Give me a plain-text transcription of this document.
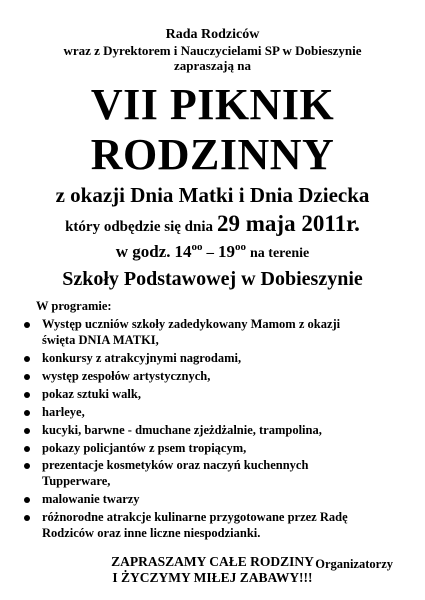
Rada Rodziców
wraz z Dyrektorem i Nauczycielami SP w Dobieszynie
zapraszają na
VII PIKNIK
RODZINNY
z okazji Dnia Matki i Dnia Dziecka
który odbędzie się dnia 29 maja 2011r.
w godz. $14^{oo} - 19^{oo}$ na terenie
Szkoły Podstawowej w Dobieszynie
W programie:
Występ uczniów szkoły zadedykowany Mamom z okazji święta DNIA MATKI,
konkursy z atrakcyjnymi nagrodami,
występ zespołów artystycznych,
pokaz sztuki walk,
harleye,
kucyki, barwne - dmuchane zjeżdżalnie, trampolina,
pokazy policjantów z psem tropiącym,
prezentacje kosmetyków oraz naczyń kuchennych Tupperware,
malowanie twarzy
różnorodne atrakcje kulinarne przygotowane przez Radę Rodziców oraz inne liczne niespodzianki.
ZAPRASZAMY CAŁE RODZINY
I ŻYCZYMY MIŁEJ ZABAWY!!!
Organizatorzy
